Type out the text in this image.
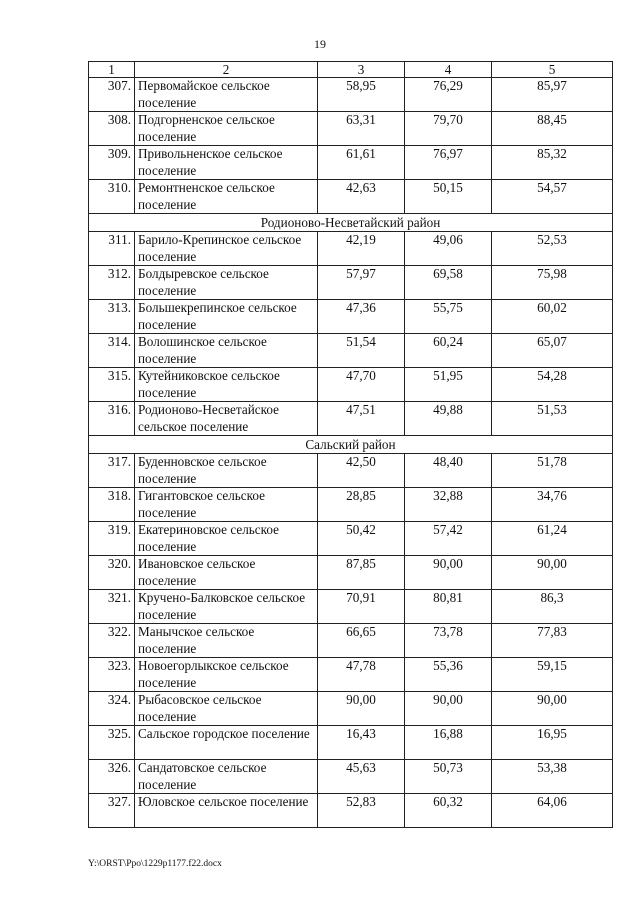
19
1	2	3	4	5
307.	Первомайское сельское поселение	58,95	76,29	85,97
308.	Подгорненское сельское поселение	63,31	79,70	88,45
309.	Привольненское сельское поселение	61,61	76,97	85,32
310.	Ремонтненское сельское поселение	42,63	50,15	54,57
Родионово-Несветайский район				
311.	Барило-Крепинское сельское поселение	42,19	49,06	52,53
312.	Болдыревское сельское поселение	57,97	69,58	75,98
313.	Большекрепинское сельское поселение	47,36	55,75	60,02
314.	Волошинское сельское поселение	51,54	60,24	65,07
315.	Кутейниковское сельское поселение	47,70	51,95	54,28
316.	Родионово-Несветайское сельское поселение	47,51	49,88	51,53
Сальский район				
317.	Буденновское сельское поселение	42,50	48,40	51,78
318.	Гигантовское сельское поселение	28,85	32,88	34,76
319.	Екатериновское сельское поселение	50,42	57,42	61,24
320.	Ивановское сельское поселение	87,85	90,00	90,00
321.	Кручено-Балковское сельское поселение	70,91	80,81	86,3
322.	Манычское сельское поселение	66,65	73,78	77,83
323.	Новоегорлыкское сельское поселение	47,78	55,36	59,15
324.	Рыбасовское сельское поселение	90,00	90,00	90,00
325.	Сальское городское поселение	16,43	16,88	16,95
326.	Сандатовское сельское поселение	45,63	50,73	53,38
327.	Юловское сельское поселение	52,83	60,32	64,06
Y:\ORST\Ppo\1229p1177.f22.docx
